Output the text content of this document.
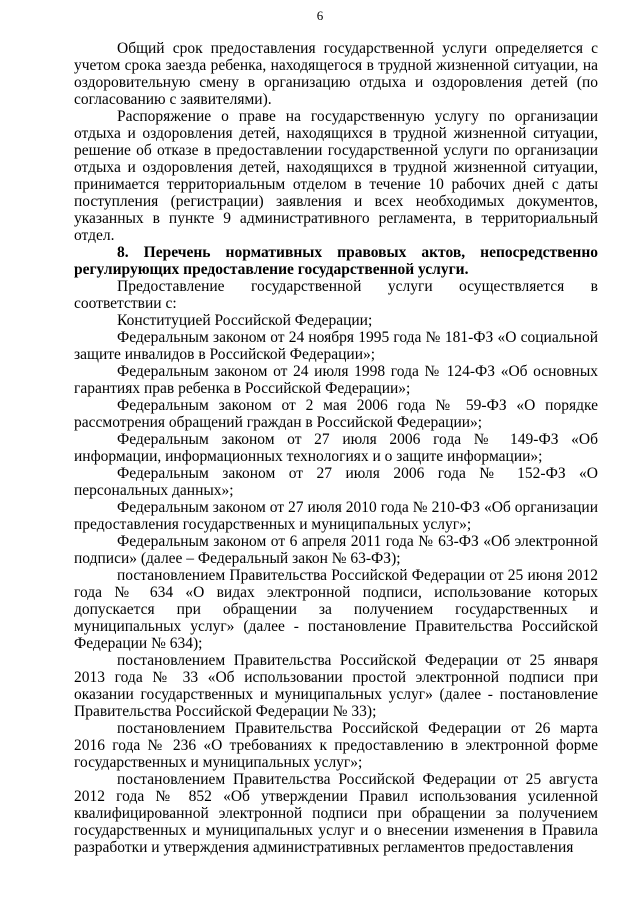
6

Общий срок предоставления государственной услуги определяется с учетом срока заезда ребенка, находящегося в трудной жизненной ситуации, на оздоровительную смену в организацию отдыха и оздоровления детей (по согласованию с заявителями).

Распоряжение о праве на государственную услугу по организации отдыха и оздоровления детей, находящихся в трудной жизненной ситуации, решение об отказе в предоставлении государственной услуги по организации отдыха и оздоровления детей, находящихся в трудной жизненной ситуации, принимается территориальным отделом в течение 10 рабочих дней с даты поступления (регистрации) заявления и всех необходимых документов, указанных в пункте 9 административного регламента, в территориальный отдел.

8. Перечень нормативных правовых актов, непосредственно регулирующих предоставление государственной услуги.

Предоставление государственной услуги осуществляется в соответствии с:

Конституцией Российской Федерации;

Федеральным законом от 24 ноября 1995 года № 181-ФЗ «О социальной защите инвалидов в Российской Федерации»;

Федеральным законом от 24 июля 1998 года № 124-ФЗ «Об основных гарантиях прав ребенка в Российской Федерации»;

Федеральным законом от 2 мая 2006 года № 59-ФЗ «О порядке рассмотрения обращений граждан в Российской Федерации»;

Федеральным законом от 27 июля 2006 года № 149-ФЗ «Об информации, информационных технологиях и о защите информации»;

Федеральным законом от 27 июля 2006 года № 152-ФЗ «О персональных данных»;

Федеральным законом от 27 июля 2010 года № 210-ФЗ «Об организации предоставления государственных и муниципальных услуг»;

Федеральным законом от 6 апреля 2011 года № 63-ФЗ «Об электронной подписи» (далее – Федеральный закон № 63-ФЗ);

постановлением Правительства Российской Федерации от 25 июня 2012 года № 634 «О видах электронной подписи, использование которых допускается при обращении за получением государственных и муниципальных услуг» (далее - постановление Правительства Российской Федерации № 634);

постановлением Правительства Российской Федерации от 25 января 2013 года № 33 «Об использовании простой электронной подписи при оказании государственных и муниципальных услуг» (далее - постановление Правительства Российской Федерации № 33);

постановлением Правительства Российской Федерации от 26 марта 2016 года № 236 «О требованиях к предоставлению в электронной форме государственных и муниципальных услуг»;

постановлением Правительства Российской Федерации от 25 августа 2012 года № 852 «Об утверждении Правил использования усиленной квалифицированной электронной подписи при обращении за получением государственных и муниципальных услуг и о внесении изменения в Правила разработки и утверждения административных регламентов предоставления
